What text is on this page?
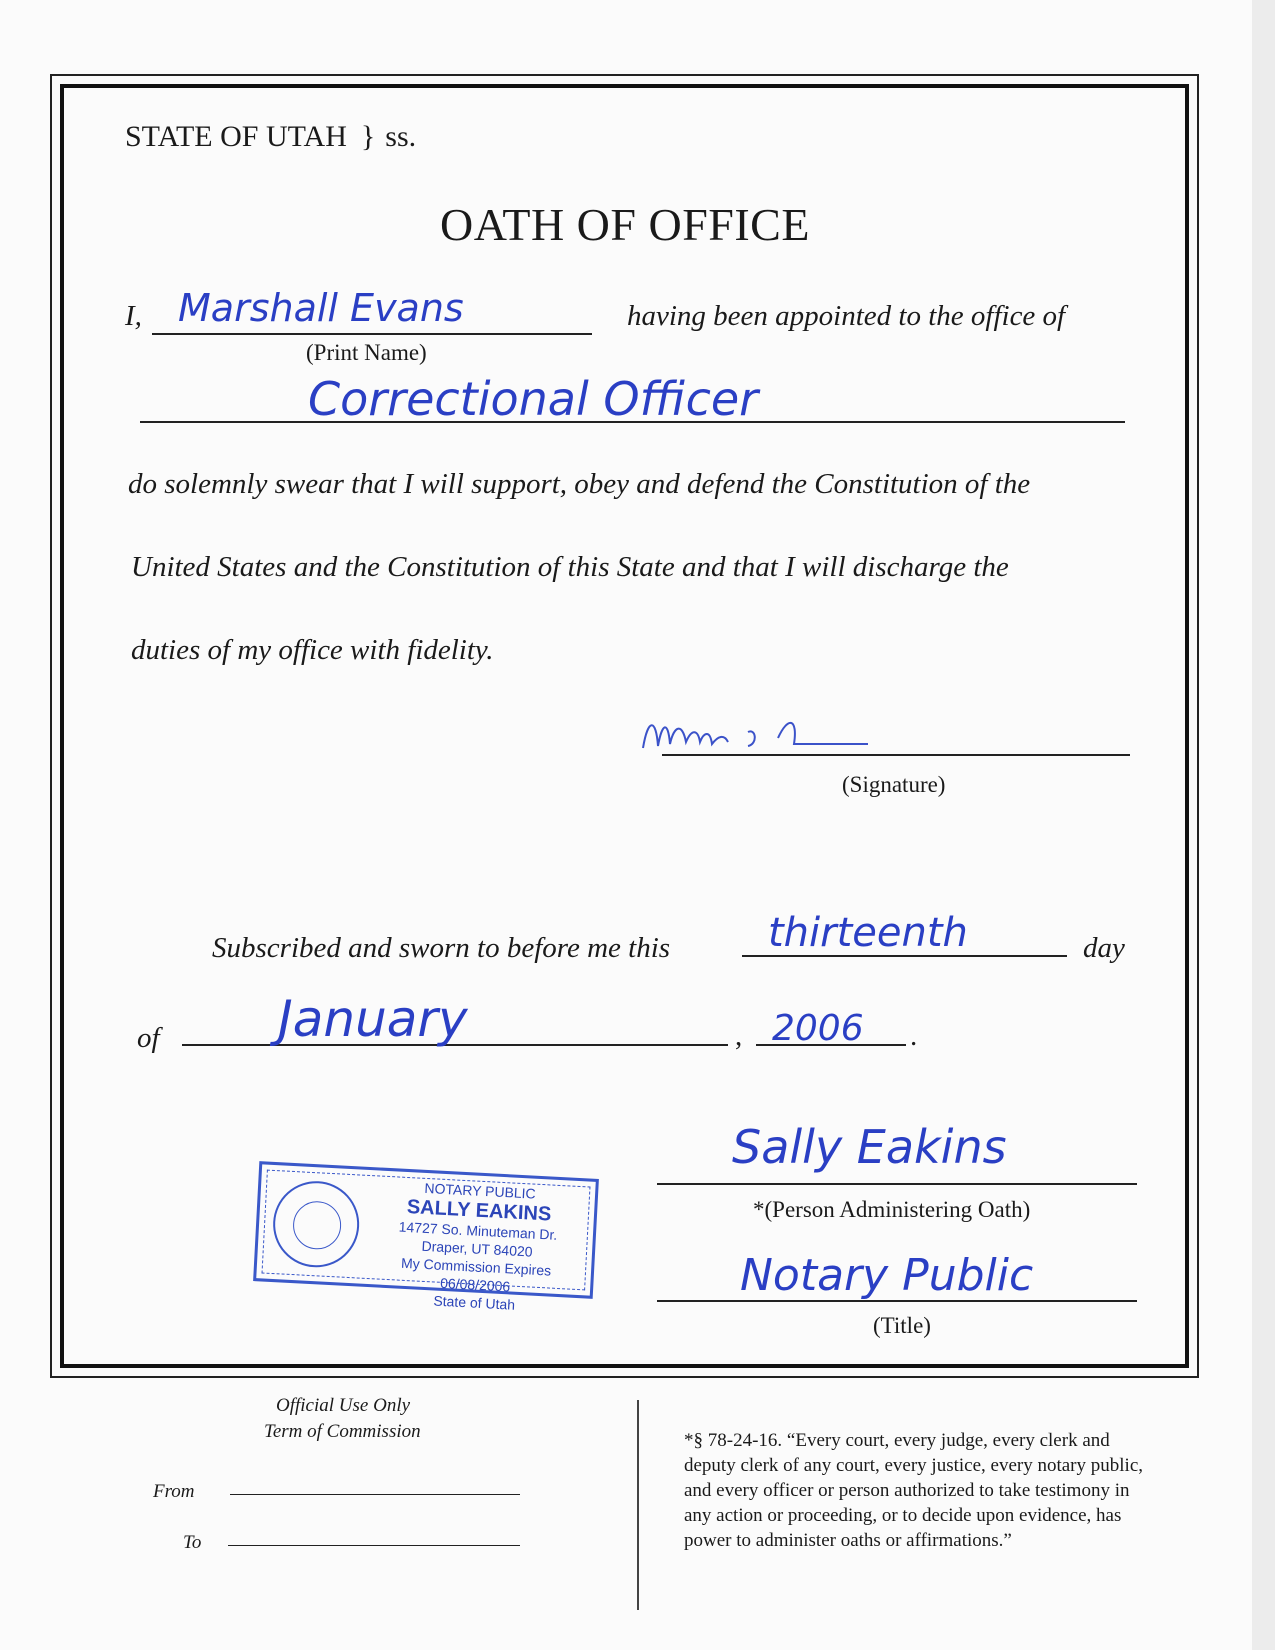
STATE OF UTAH } ss.
OATH OF OFFICE
I, Marshall Evans
(Print Name)
having been appointed to the office of
Correctional Officer
do solemnly swear that I will support, obey and defend the Constitution of the
United States and the Constitution of this State and that I will discharge the
duties of my office with fidelity.
(Signature)
Subscribed and sworn to before me this thirteenth	day
of January	, 2006 .
Sally Eakins
*(Person Administering Oath)
Notary Public
(Title)
NOTARY PUBLIC
SALLY EAKINS
14727 So. Minuteman Dr.
Draper, UT 84020
My Commission Expires 06/08/2006
State of Utah
Official Use Only
Term of Commission
From
To
*§ 78-24-16. “Every court, every judge, every clerk and
deputy clerk of any court, every justice, every notary public,
and every officer or person authorized to take testimony in
any action or proceeding, or to decide upon evidence, has
power to administer oaths or affirmations.”
